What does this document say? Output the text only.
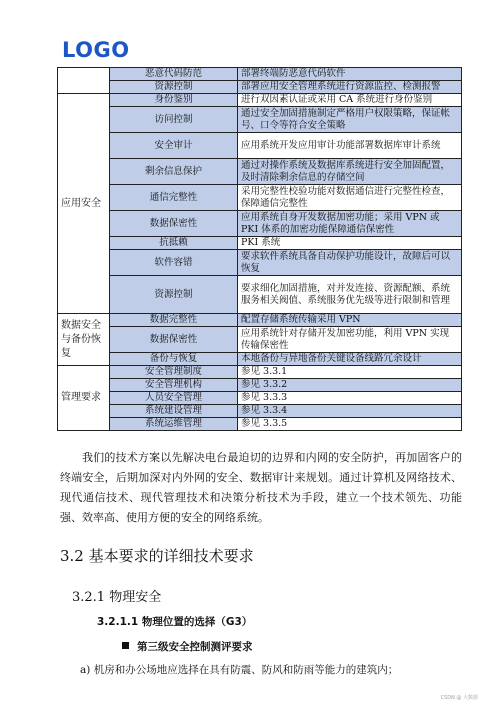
LOGO
	恶意代码防范	部署终端防恶意代码软件
	资源控制	部署应用安全管理系统进行资源监控、检测报警
应用安全	身份鉴别	进行双因素认证或采用 CA 系统进行身份鉴别
	访问控制	通过安全加固措施制定严格用户权限策略，保证帐号、口令等符合安全策略
	安全审计	应用系统开发应用审计功能部署数据库审计系统
	剩余信息保护	通过对操作系统及数据库系统进行安全加固配置，及时清除剩余信息的存储空间
	通信完整性	采用完整性校验功能对数据通信进行完整性检查，保障通信完整性
	数据保密性	应用系统自身开发数据加密功能；采用 VPN 或 PKI 体系的加密功能保障通信保密性
	抗抵赖	PKI 系统
	软件容错	要求软件系统具备自动保护功能设计，故障后可以恢复
	资源控制	要求细化加固措施，对并发连接、资源配额、系统服务相关阀值、系统服务优先级等进行限制和管理
数据安全与备份恢复	数据完整性	配置存储系统传输采用 VPN
	数据保密性	应用系统针对存储开发加密功能，利用 VPN 实现传输保密性
	备份与恢复	本地备份与异地备份关键设备线路冗余设计
管理要求	安全管理制度	参见 3.3.1
	安全管理机构	参见 3.3.2
	人员安全管理	参见 3.3.3
	系统建设管理	参见 3.3.4
	系统运维管理	参见 3.3.5

我们的技术方案以先解决电台最迫切的边界和内网的安全防护，再加固客户的终端安全，后期加深对内外网的安全、数据审计来规划。通过计算机及网络技术、现代通信技术、现代管理技术和决策分析技术为手段，建立一个技术领先、功能强、效率高、使用方便的安全的网络系统。

3.2 基本要求的详细技术要求
3.2.1 物理安全
3.2.1.1 物理位置的选择（G3）

第三级安全控制测评要求

a) 机房和办公场地应选择在具有防震、防风和防雨等能力的建筑内；

CSDN @ 大数据
